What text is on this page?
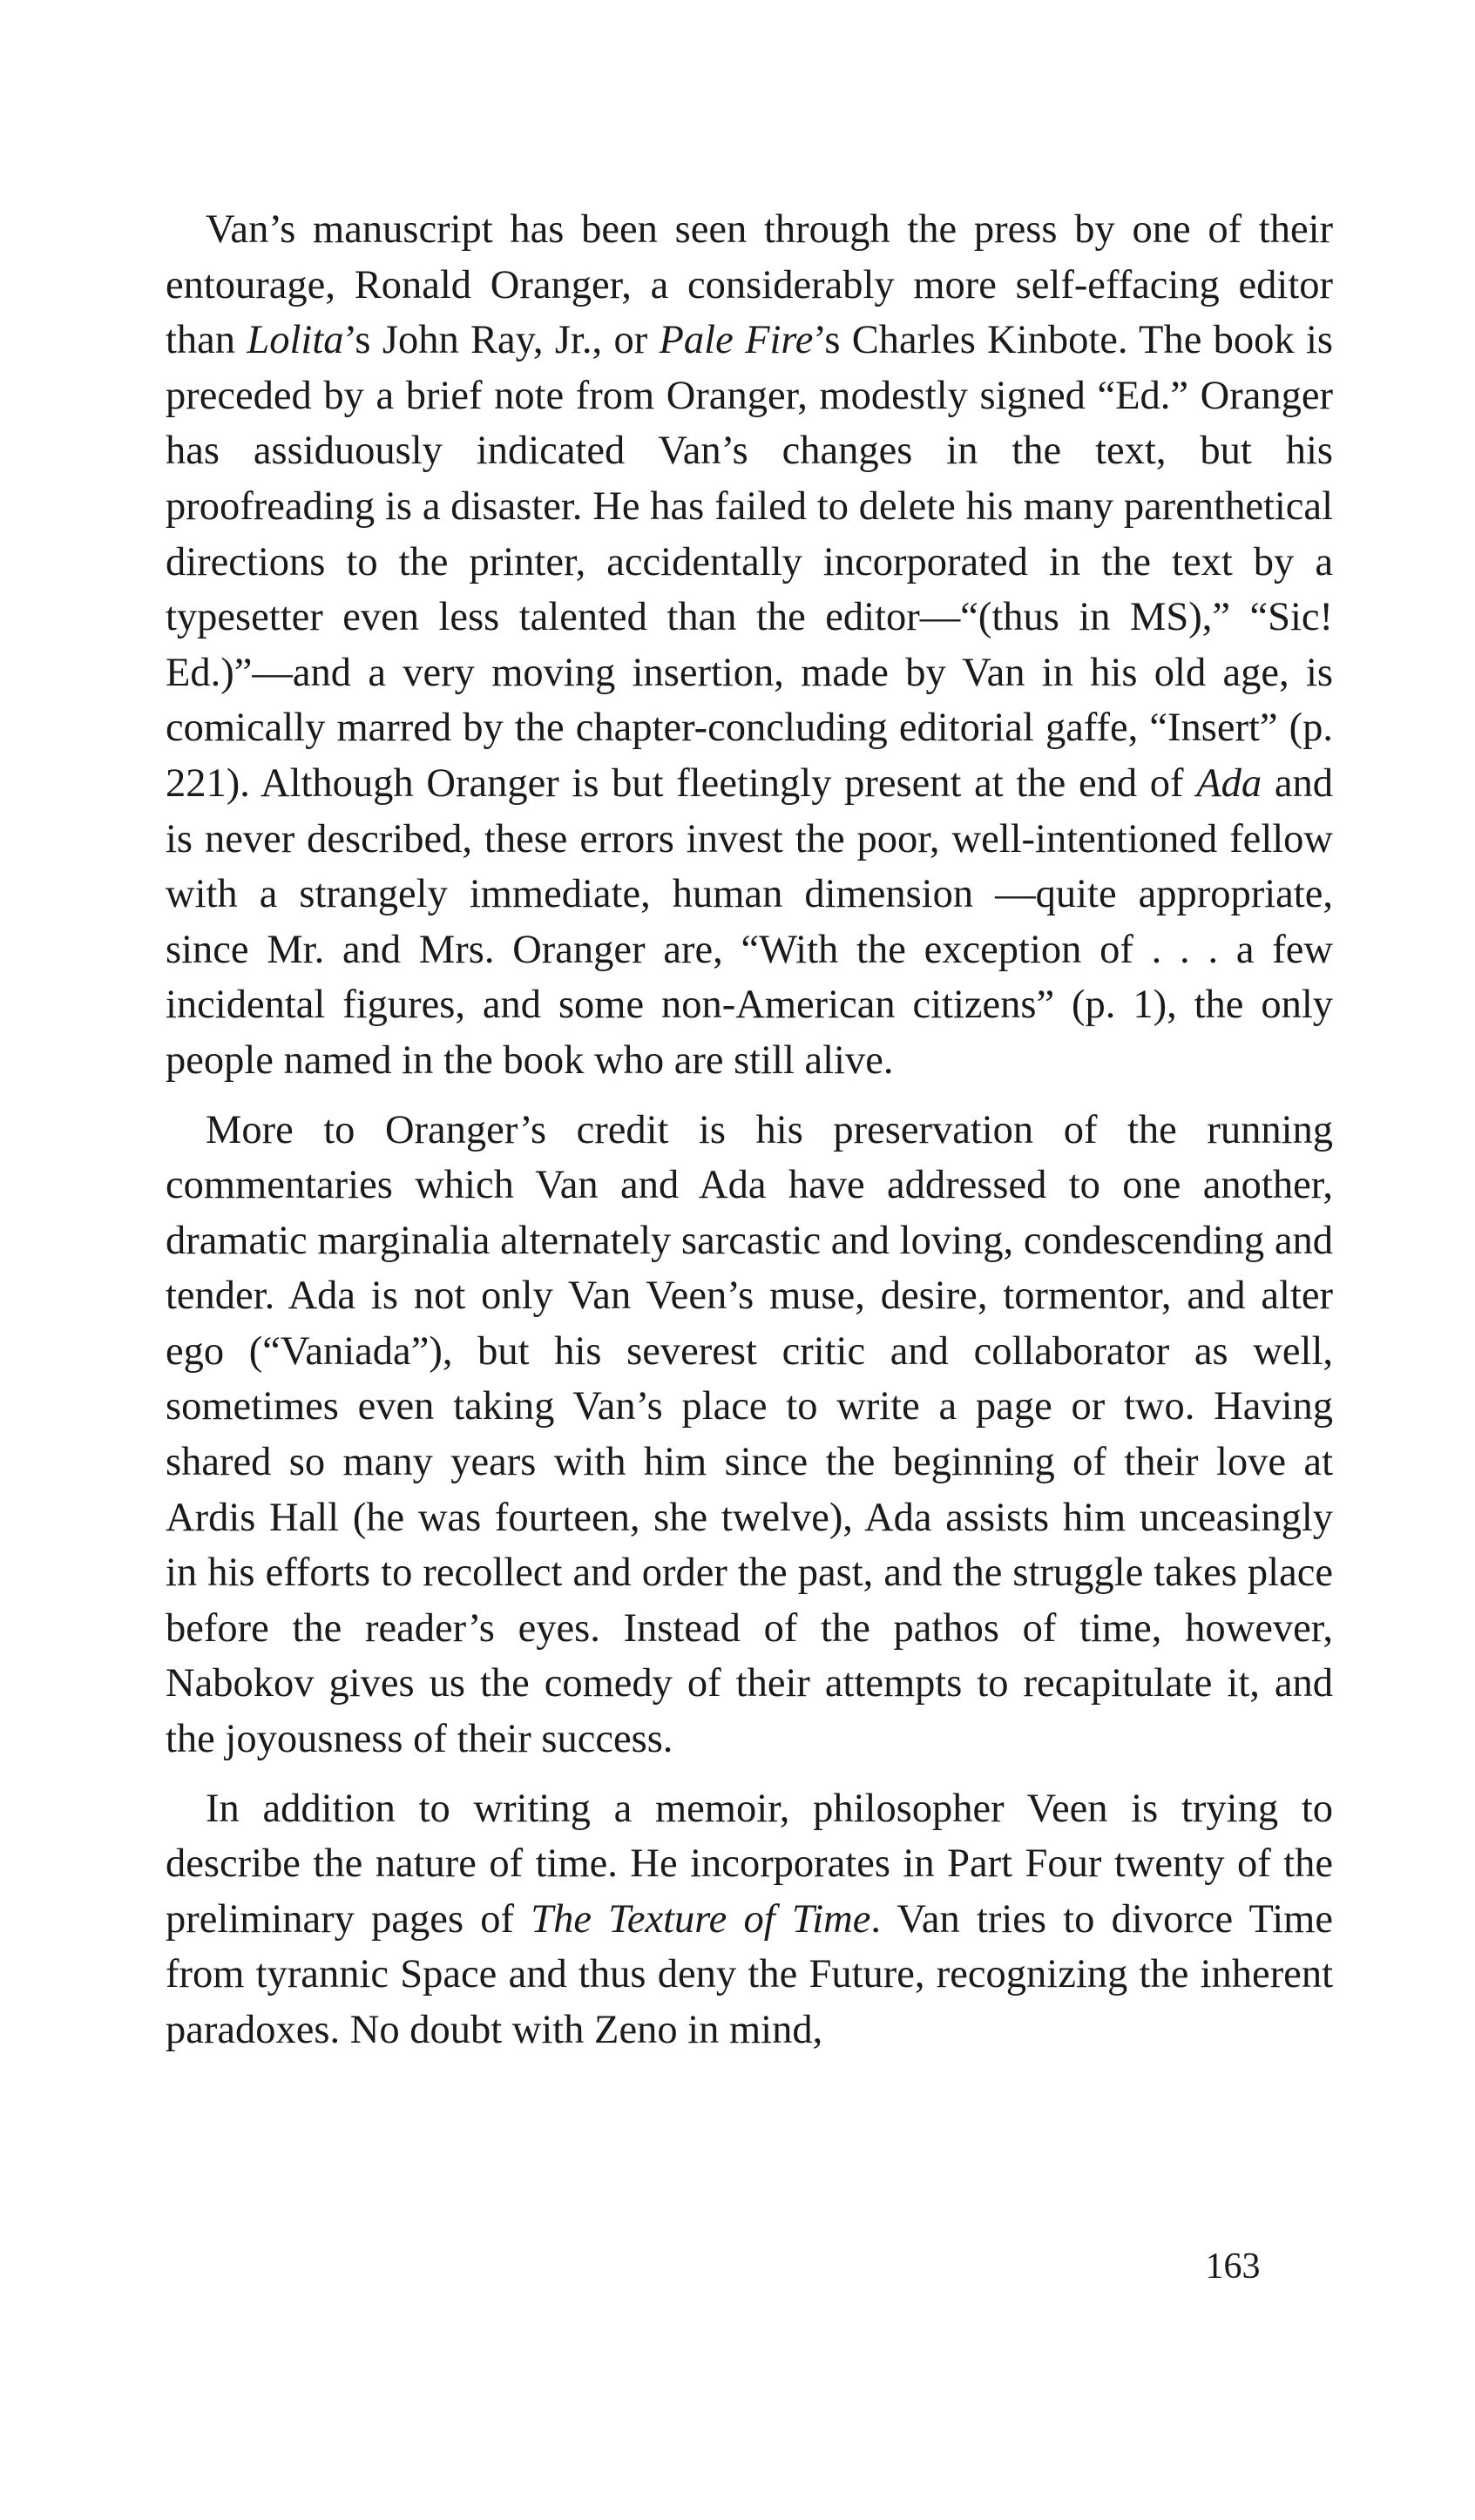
Van’s manuscript has been seen through the press by one of their entourage, Ronald Oranger, a considerably more self-effacing editor than Lolita’s John Ray, Jr., or Pale Fire’s Charles Kinbote. The book is preceded by a brief note from Oranger, modestly signed “Ed.” Oranger has assiduously indicated Van’s changes in the text, but his proofreading is a disaster. He has failed to delete his many parenthetical directions to the printer, accidentally incorporated in the text by a typesetter even less talented than the editor—“(thus in MS),” “Sic! Ed.)”—and a very moving insertion, made by Van in his old age, is comically marred by the chapter-concluding editorial gaffe, “Insert” (p. 221). Although Oranger is but fleetingly present at the end of Ada and is never described, these errors invest the poor, well-intentioned fellow with a strangely immediate, human dimension —quite appropriate, since Mr. and Mrs. Oranger are, “With the exception of . . . a few incidental figures, and some non-American citizens” (p. 1), the only people named in the book who are still alive.

More to Oranger’s credit is his preservation of the running commentaries which Van and Ada have addressed to one another, dramatic marginalia alternately sarcastic and loving, condescending and tender. Ada is not only Van Veen’s muse, desire, tormentor, and alter ego (“Vaniada”), but his severest critic and collaborator as well, sometimes even taking Van’s place to write a page or two. Having shared so many years with him since the beginning of their love at Ardis Hall (he was fourteen, she twelve), Ada assists him unceasingly in his efforts to recollect and order the past, and the struggle takes place before the reader’s eyes. Instead of the pathos of time, however, Nabokov gives us the comedy of their attempts to recapitulate it, and the joyousness of their success.

In addition to writing a memoir, philosopher Veen is trying to describe the nature of time. He incorporates in Part Four twenty of the preliminary pages of The Texture of Time. Van tries to divorce Time from tyrannic Space and thus deny the Future, recognizing the inherent paradoxes. No doubt with Zeno in mind,

163
